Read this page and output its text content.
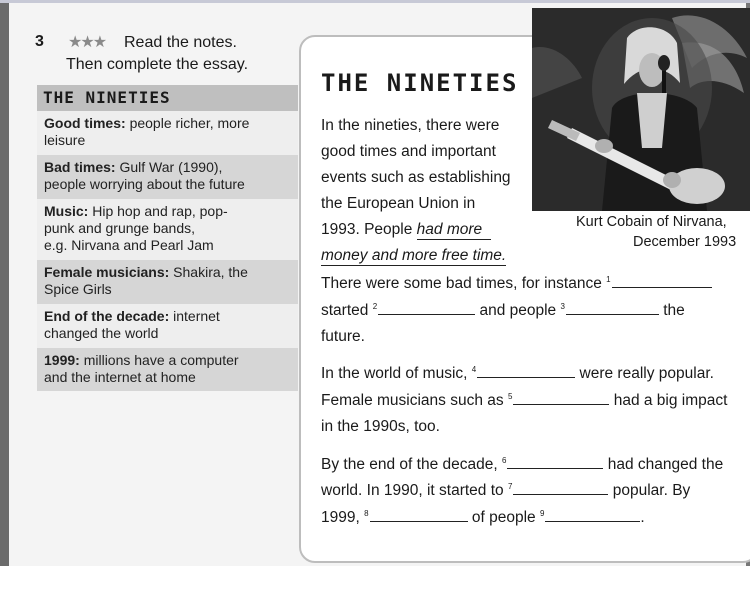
3 ★★★ Read the notes.
Then complete the essay.
THE NINETIES
Good times: people richer, more
leisure
Bad times: Gulf War (1990),
people worrying about the future
Music: Hip hop and rap, pop-
punk and grunge bands,
e.g. Nirvana and Pearl Jam
Female musicians: Shakira, the
Spice Girls
End of the decade: internet
changed the world
1999: millions have a computer
and the internet at home
THE NINETIES
In the nineties, there were
good times and important
events such as establishing
the European Union in
1993. People had more
money and more free time.
There were some bad times, for instance $^1$
started $^2$	and people $^3$	the
future.
In the world of music, $^4$	were really popular.
Female musicians such as $^5$	had a big impact
in the 1990s, too.
By the end of the decade, $^6$	had changed the
world. In 1990, it started to $^7$	popular. By
1999, $^8$	of people $^9$	.
Kurt Cobain of Nirvana,
December 1993
